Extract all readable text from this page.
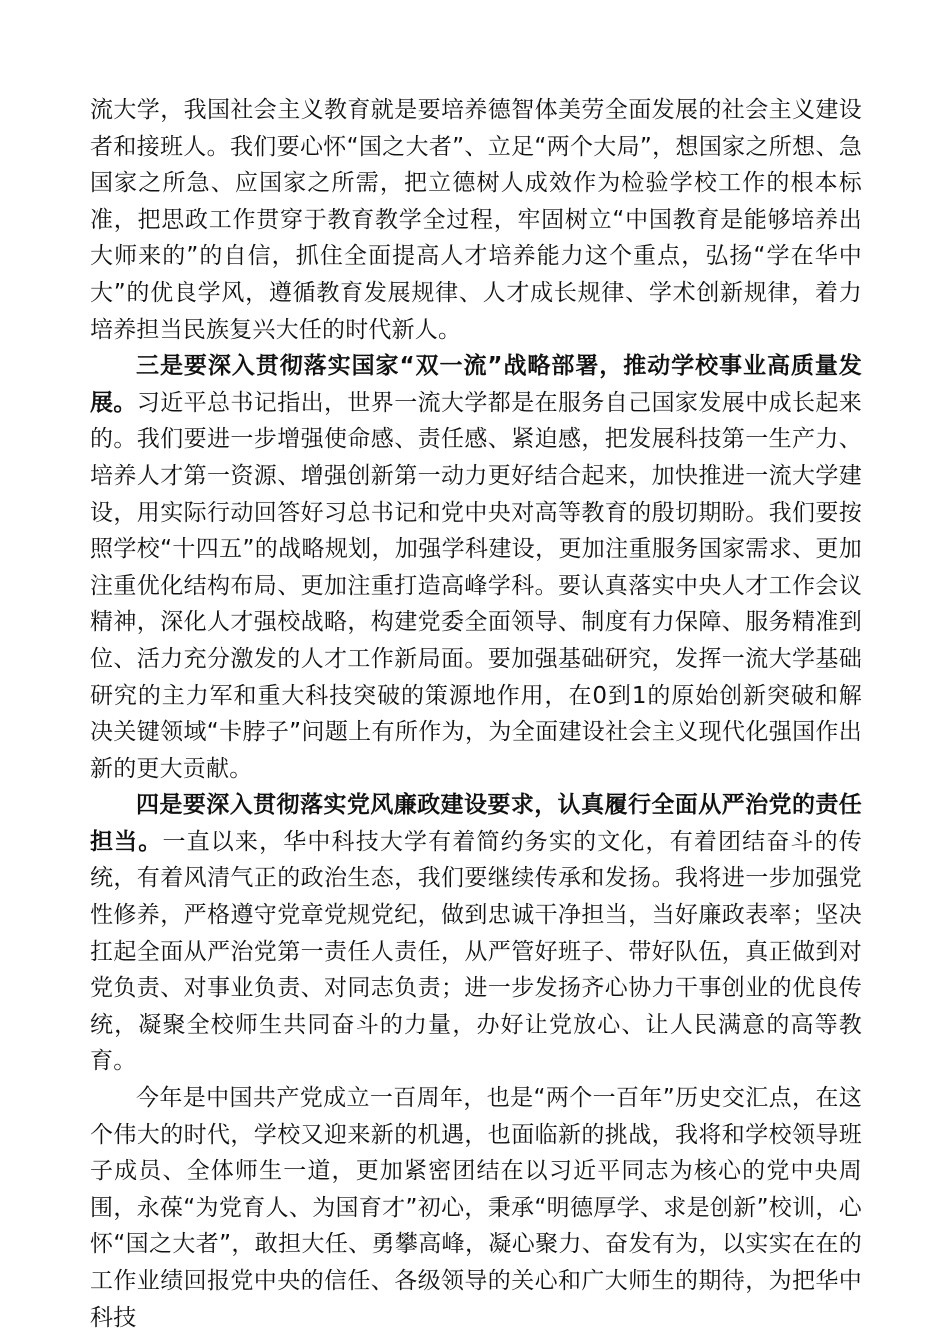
流大学，我国社会主义教育就是要培养德智体美劳全面发展的社会主义建设者和接班人。我们要心怀“国之大者”、立足“两个大局”，想国家之所想、急国家之所急、应国家之所需，把立德树人成效作为检验学校工作的根本标准，把思政工作贯穿于教育教学全过程，牢固树立“中国教育是能够培养出大师来的”的自信，抓住全面提高人才培养能力这个重点，弘扬“学在华中大”的优良学风，遵循教育发展规律、人才成长规律、学术创新规律，着力培养担当民族复兴大任的时代新人。

三是要深入贯彻落实国家“双一流”战略部署，推动学校事业高质量发展。习近平总书记指出，世界一流大学都是在服务自己国家发展中成长起来的。我们要进一步增强使命感、责任感、紧迫感，把发展科技第一生产力、培养人才第一资源、增强创新第一动力更好结合起来，加快推进一流大学建设，用实际行动回答好习总书记和党中央对高等教育的殷切期盼。我们要按照学校“十四五”的战略规划，加强学科建设，更加注重服务国家需求、更加注重优化结构布局、更加注重打造高峰学科。要认真落实中央人才工作会议精神，深化人才强校战略，构建党委全面领导、制度有力保障、服务精准到位、活力充分激发的人才工作新局面。要加强基础研究，发挥一流大学基础研究的主力军和重大科技突破的策源地作用，在0到1的原始创新突破和解决关键领域“卡脖子”问题上有所作为，为全面建设社会主义现代化强国作出新的更大贡献。

四是要深入贯彻落实党风廉政建设要求，认真履行全面从严治党的责任担当。一直以来，华中科技大学有着简约务实的文化，有着团结奋斗的传统，有着风清气正的政治生态，我们要继续传承和发扬。我将进一步加强党性修养，严格遵守党章党规党纪，做到忠诚干净担当，当好廉政表率；坚决扛起全面从严治党第一责任人责任，从严管好班子、带好队伍，真正做到对党负责、对事业负责、对同志负责；进一步发扬齐心协力干事创业的优良传统，凝聚全校师生共同奋斗的力量，办好让党放心、让人民满意的高等教育。

今年是中国共产党成立一百周年，也是“两个一百年”历史交汇点，在这个伟大的时代，学校又迎来新的机遇，也面临新的挑战，我将和学校领导班子成员、全体师生一道，更加紧密团结在以习近平同志为核心的党中央周围，永葆“为党育人、为国育才”初心，秉承“明德厚学、求是创新”校训，心怀“国之大者”，敢担大任、勇攀高峰，凝心聚力、奋发有为，以实实在在的工作业绩回报党中央的信任、各级领导的关心和广大师生的期待，为把华中科技
